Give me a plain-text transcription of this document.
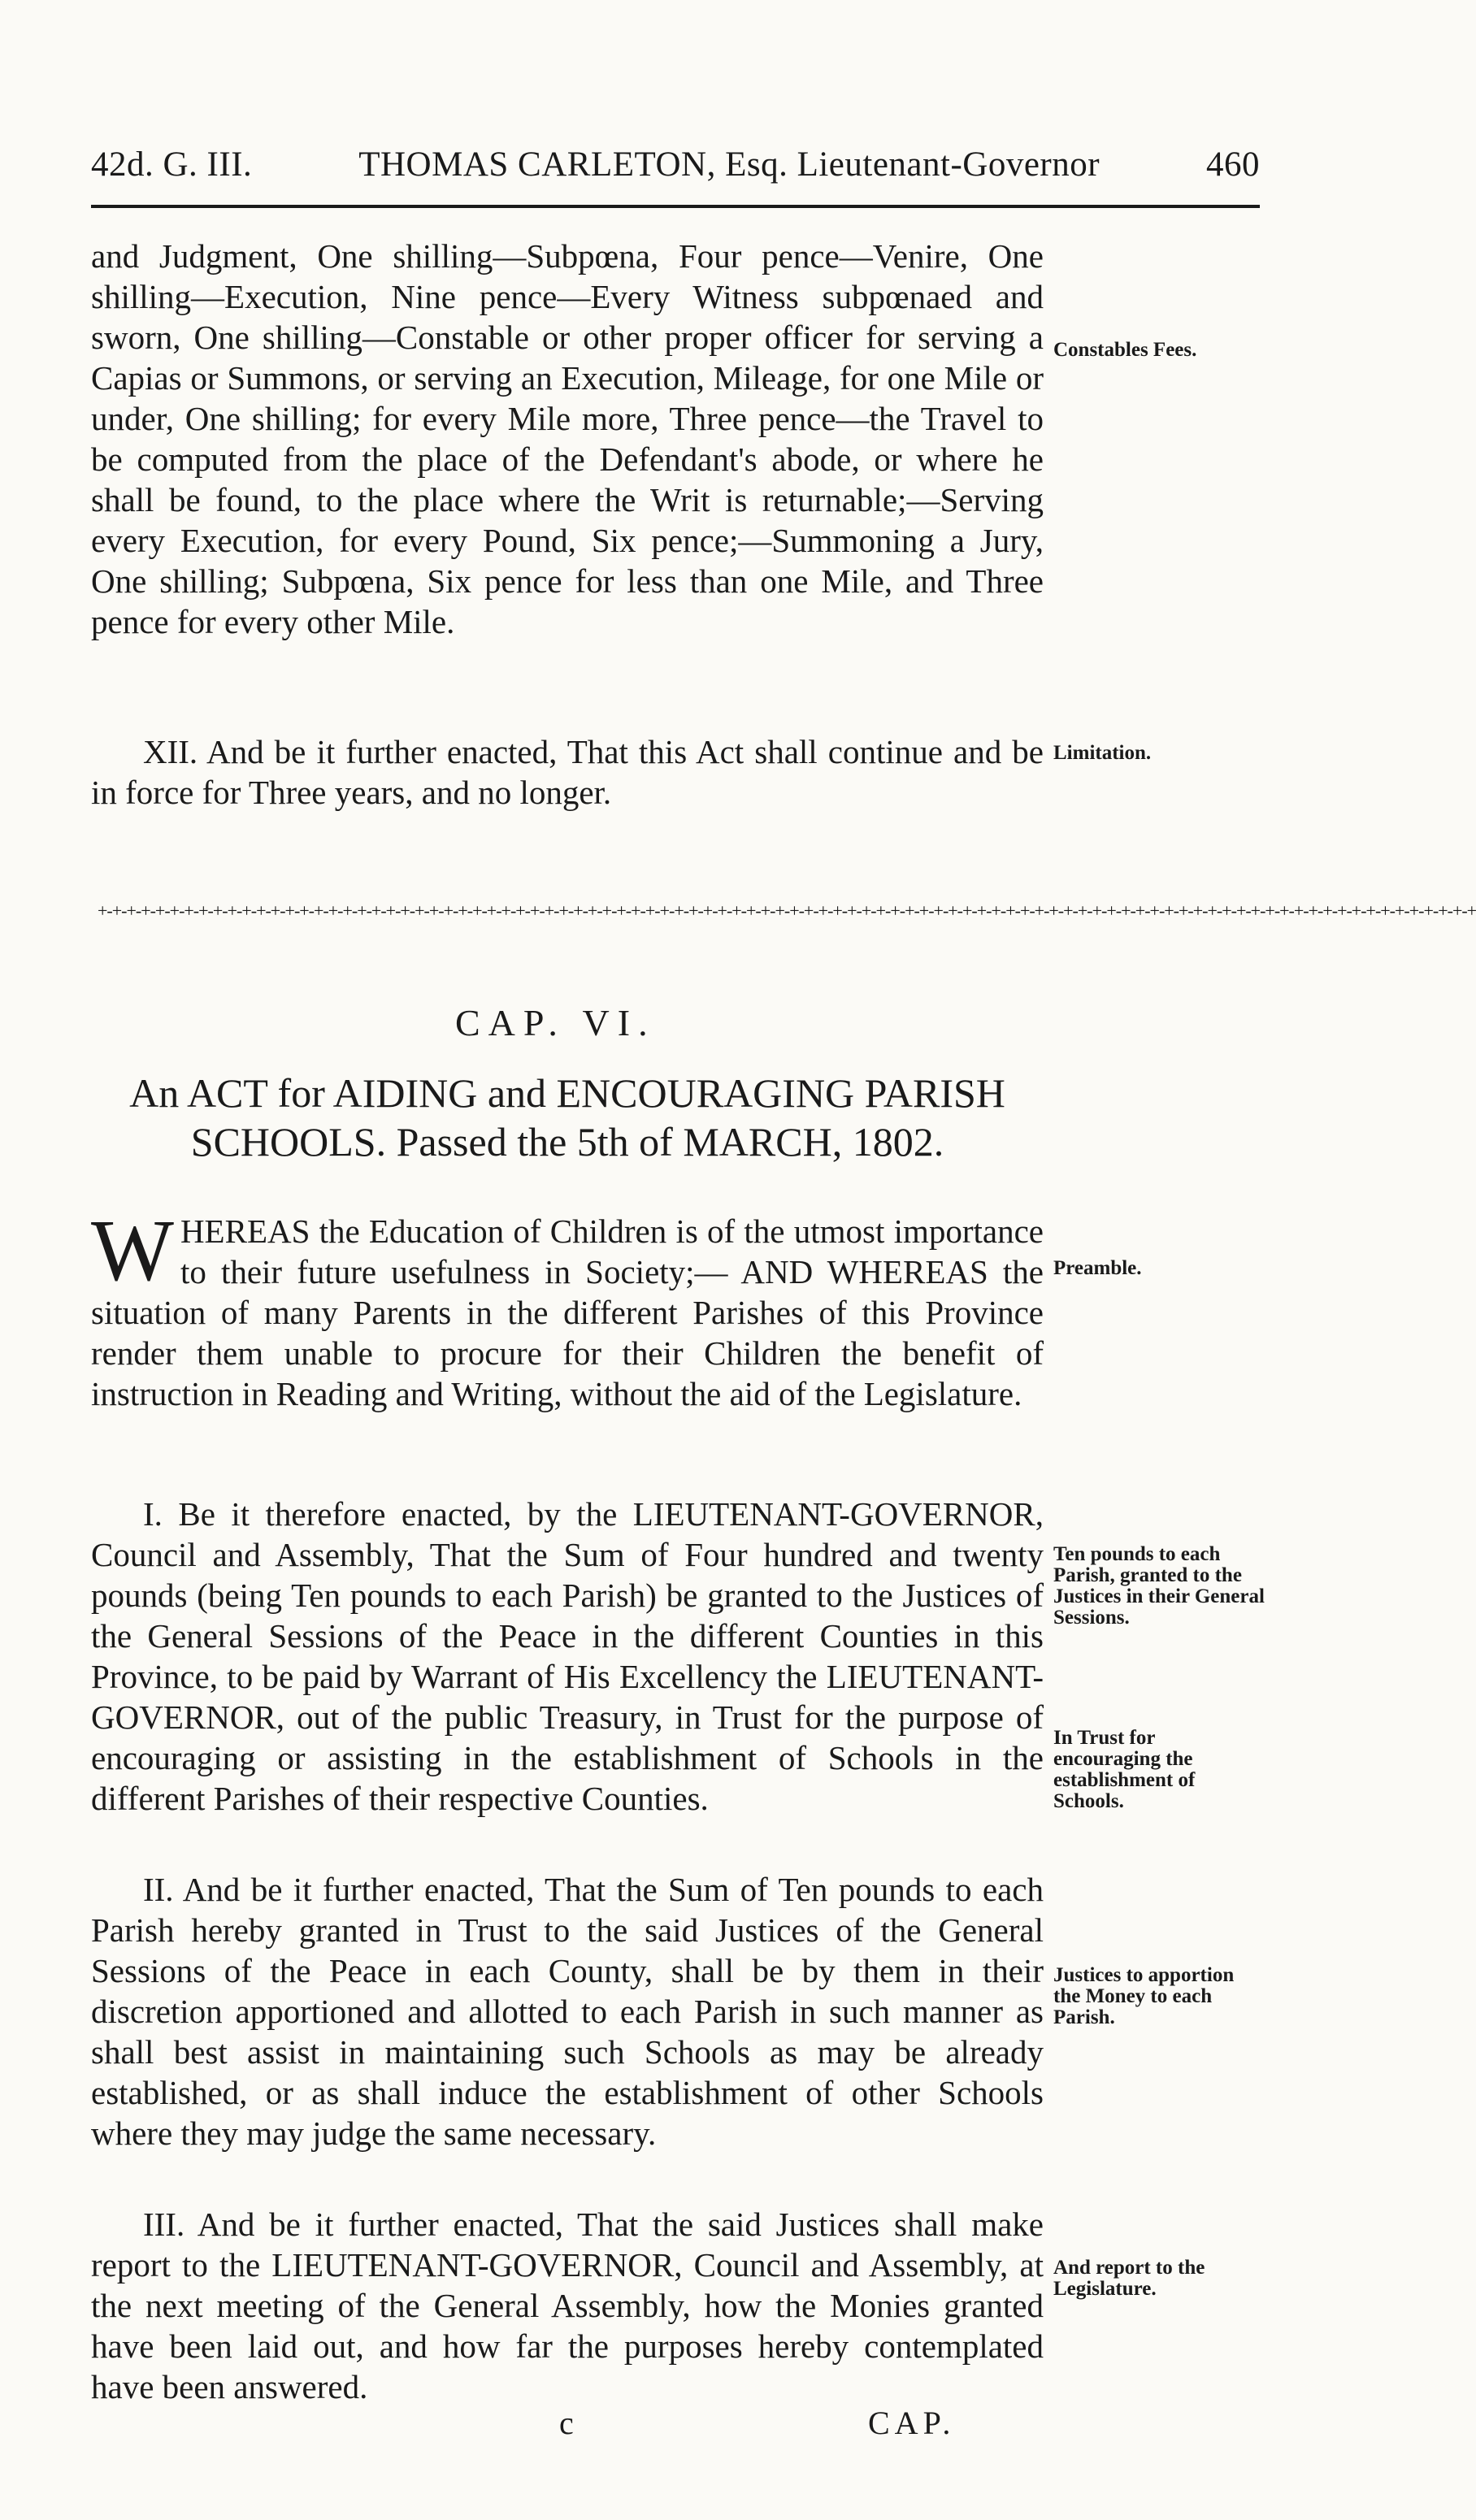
42d. G. III.	THOMAS CARLETON, Esq. Lieutenant-Governor	460

and Judgment, One shilling—Subpœna, Four pence—Venire, One shilling—Execution, Nine pence—Every Witness subpœnaed and sworn, One shilling—Constable or other proper officer for serving a Capias or Summons, or serving an Execution, Mileage, for one Mile or under, One shilling; for every Mile more, Three pence—the Travel to be computed from the place of the Defendant's abode, or where he shall be found, to the place where the Writ is returnable;—Serving every Execution, for every Pound, Six pence;—Summoning a Jury, One shilling; Subpœna, Six pence for less than one Mile, and Three pence for every other Mile.

Constables Fees.

XII. And be it further enacted, That this Act shall continue and be in force for Three years, and no longer.

Limitation.
+-+-+-+-+-+-+-+-+-+-+-+-+-+-+-+-+-+-+-+-+-+-+-+-+-+-+-+-+-+-+-+-+-+-+-+-+-+-+-+-+-+-+-+-+-+-+-+-+-+-+-+-+-+-+-+-+-+-+-+-+-+-+-+-+-+-+-+-+-+-+-+-+-+-+-+-+-+-+-+-+-+-+-+-+-+-+-+-+-+-+-+-+-+-+-+
CAP. VI.
An ACT for AIDING and ENCOURAGING PARISH
SCHOOLS. Passed the 5th of MARCH, 1802.
W HEREAS the Education of Children is of the utmost importance to their future usefulness in Society;— AND WHEREAS the situation of many Parents in the different Parishes of this Province render them unable to procure for their Children the benefit of instruction in Reading and Writing, without the aid of the Legislature.

Preamble.

I. Be it therefore enacted, by the LIEUTENANT-GOVERNOR, Council and Assembly, That the Sum of Four hundred and twenty pounds (being Ten pounds to each Parish) be granted to the Justices of the General Sessions of the Peace in the different Counties in this Province, to be paid by Warrant of His Excellency the LIEUTENANT-GOVERNOR, out of the public Treasury, in Trust for the purpose of encouraging or assisting in the establishment of Schools in the different Parishes of their respective Counties.

Ten pounds to each Parish, granted to the Justices in their General Sessions.
In Trust for encouraging the establishment of Schools.

II. And be it further enacted, That the Sum of Ten pounds to each Parish hereby granted in Trust to the said Justices of the General Sessions of the Peace in each County, shall be by them in their discretion apportioned and allotted to each Parish in such manner as shall best assist in maintaining such Schools as may be already established, or as shall induce the establishment of other Schools where they may judge the same necessary.

Justices to apportion the Money to each Parish.

III. And be it further enacted, That the said Justices shall make report to the LIEUTENANT-GOVERNOR, Council and Assembly, at the next meeting of the General Assembly, how the Monies granted have been laid out, and how far the purposes hereby contemplated have been answered.

And report to the Legislature.
c	CAP.
